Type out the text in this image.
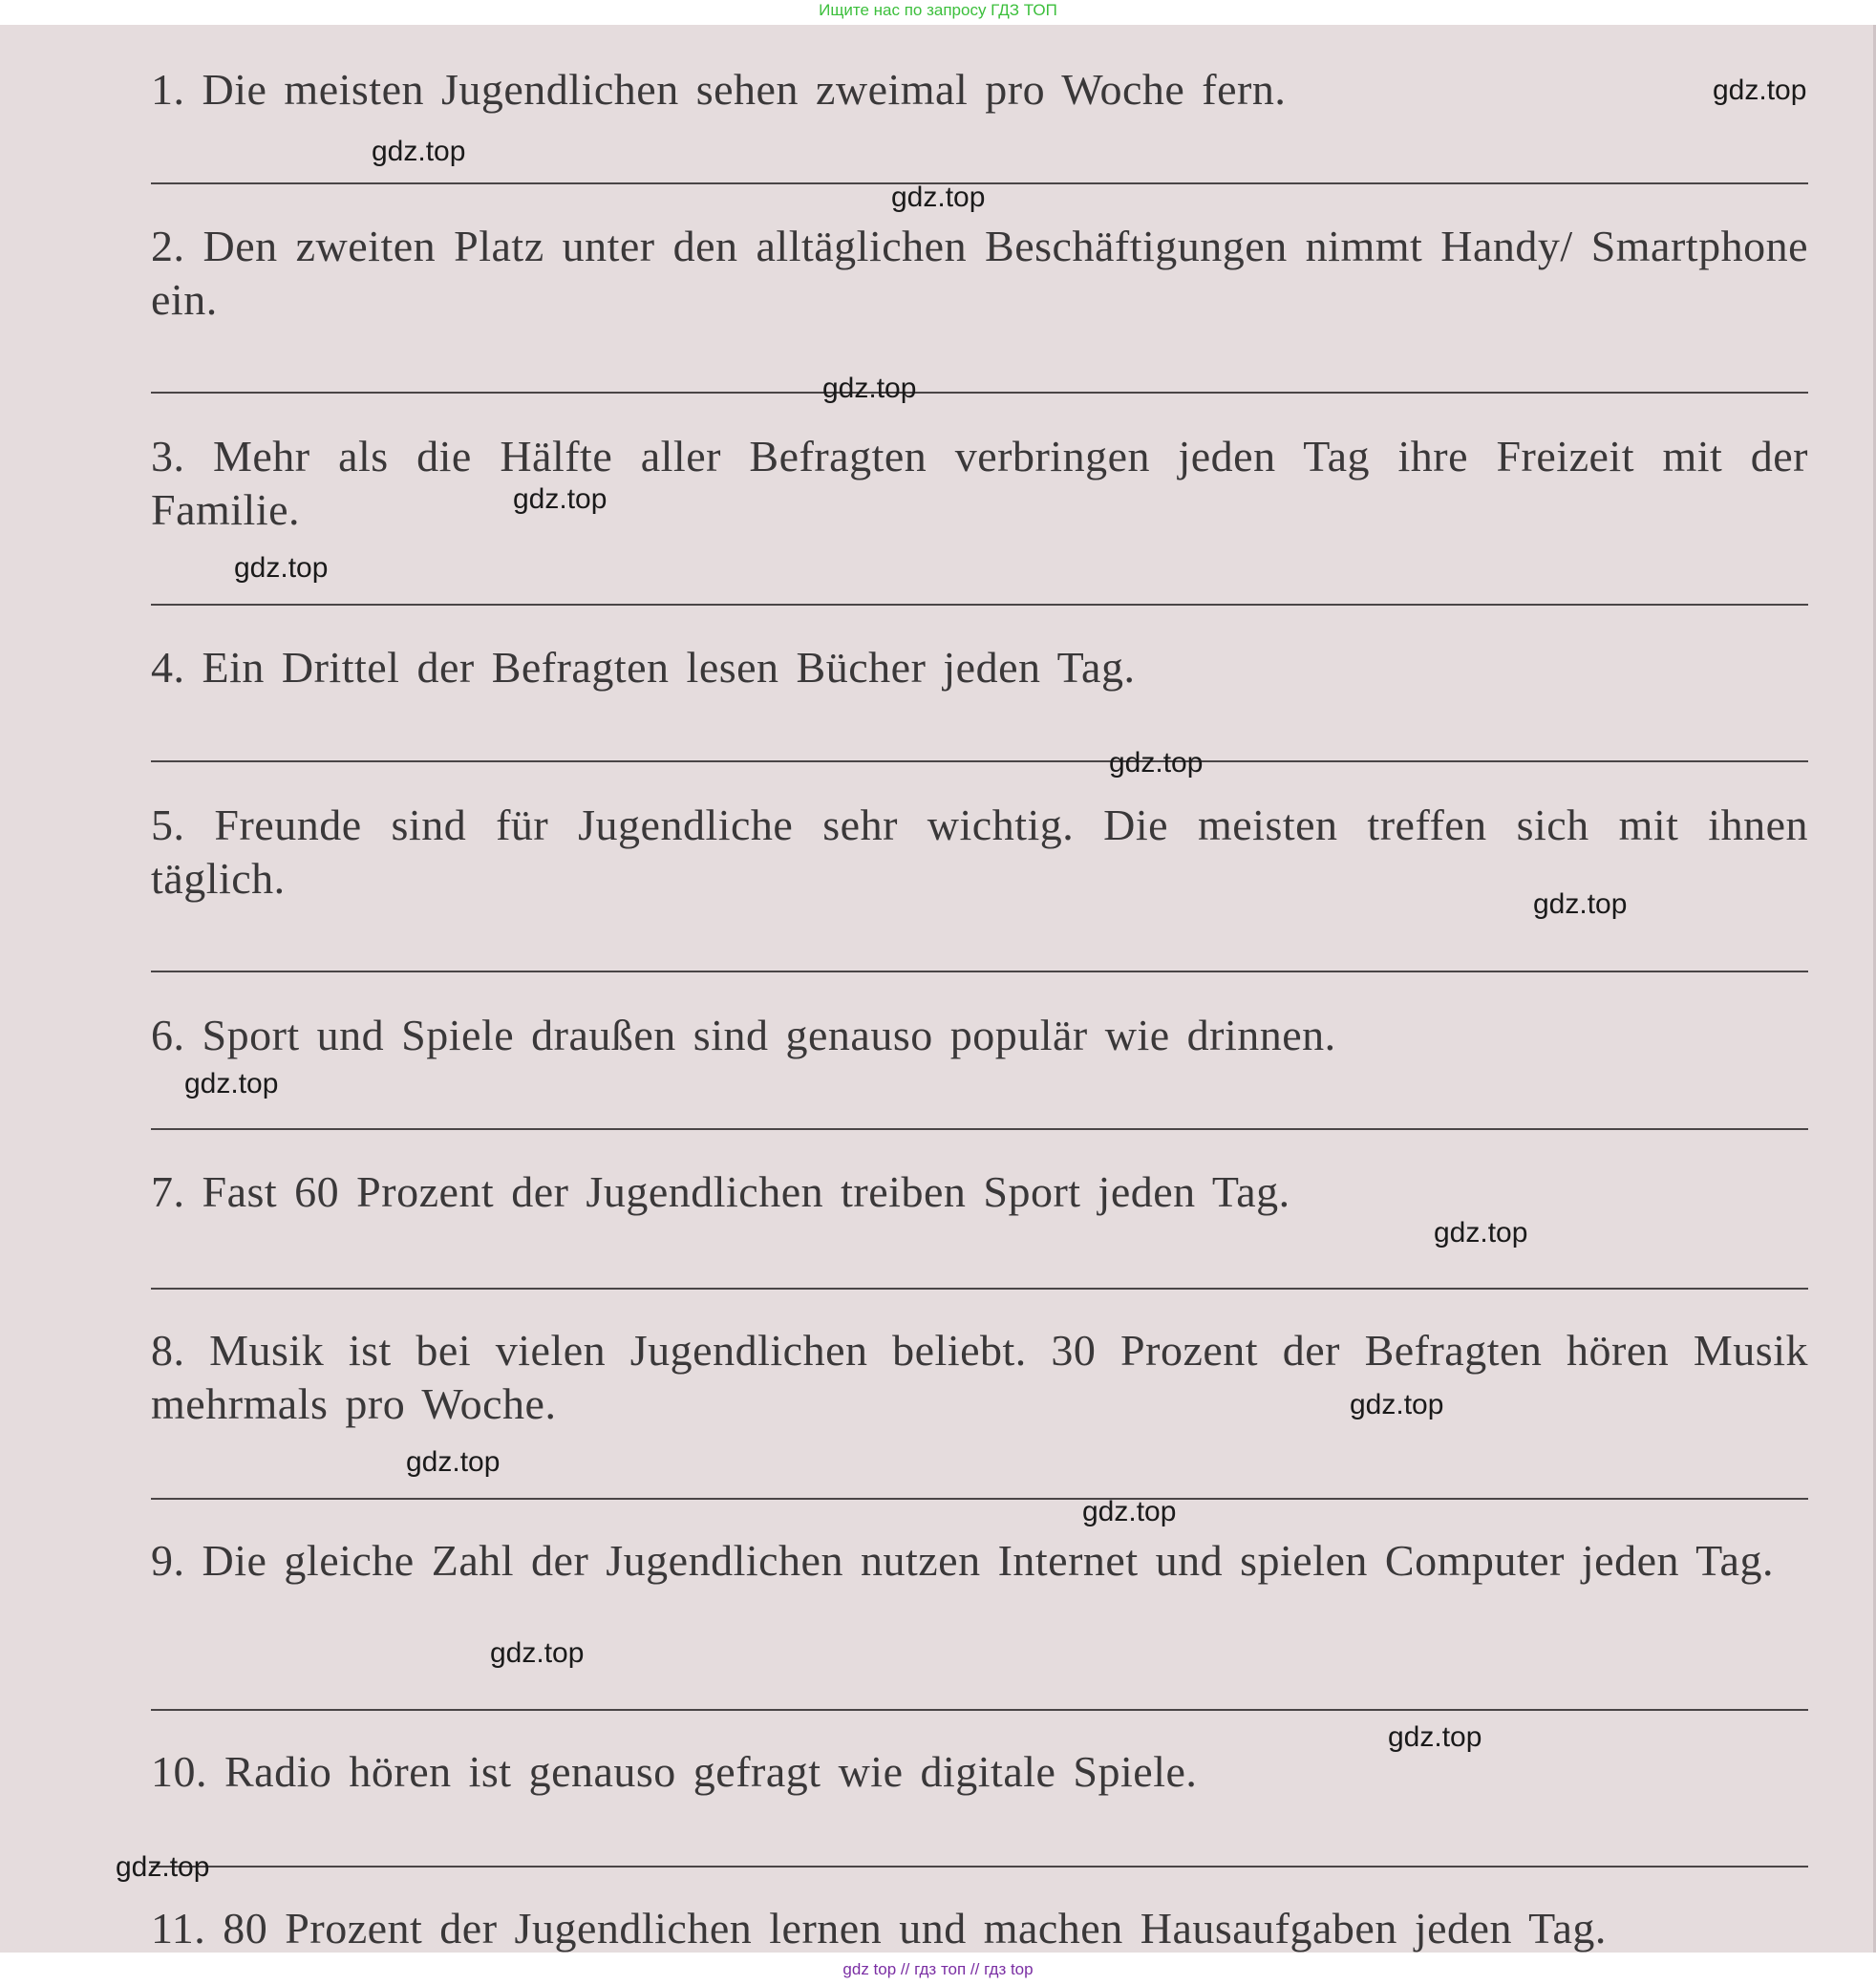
Ищите нас по запросу ГДЗ ТОП
1. Die meisten Jugendlichen sehen zweimal pro Woche fern.
2. Den zweiten Platz unter den alltäglichen Beschäftigungen nimmt Handy/ Smartphone ein.
3. Mehr als die Hälfte aller Befragten verbringen jeden Tag ihre Freizeit mit der Familie.
4. Ein Drittel der Befragten lesen Bücher jeden Tag.
5. Freunde sind für Jugendliche sehr wichtig. Die meisten treffen sich mit ihnen täglich.
6. Sport und Spiele draußen sind genauso populär wie drinnen.
7. Fast 60 Prozent der Jugendlichen treiben Sport jeden Tag.
8. Musik ist bei vielen Jugendlichen beliebt. 30 Prozent der Befragten hören Musik mehrmals pro Woche.
9. Die gleiche Zahl der Jugendlichen nutzen Internet und spielen Computer jeden Tag.
10. Radio hören ist genauso gefragt wie digitale Spiele.
11. 80 Prozent der Jugendlichen lernen und machen Hausaufgaben jeden Tag.
gdz.top
gdz.top
gdz.top
gdz.top
gdz.top
gdz.top
gdz.top
gdz.top
gdz.top
gdz.top
gdz.top
gdz.top
gdz.top
gdz.top
gdz.top
gdz.top
gdz top // гдз топ // гдз top
